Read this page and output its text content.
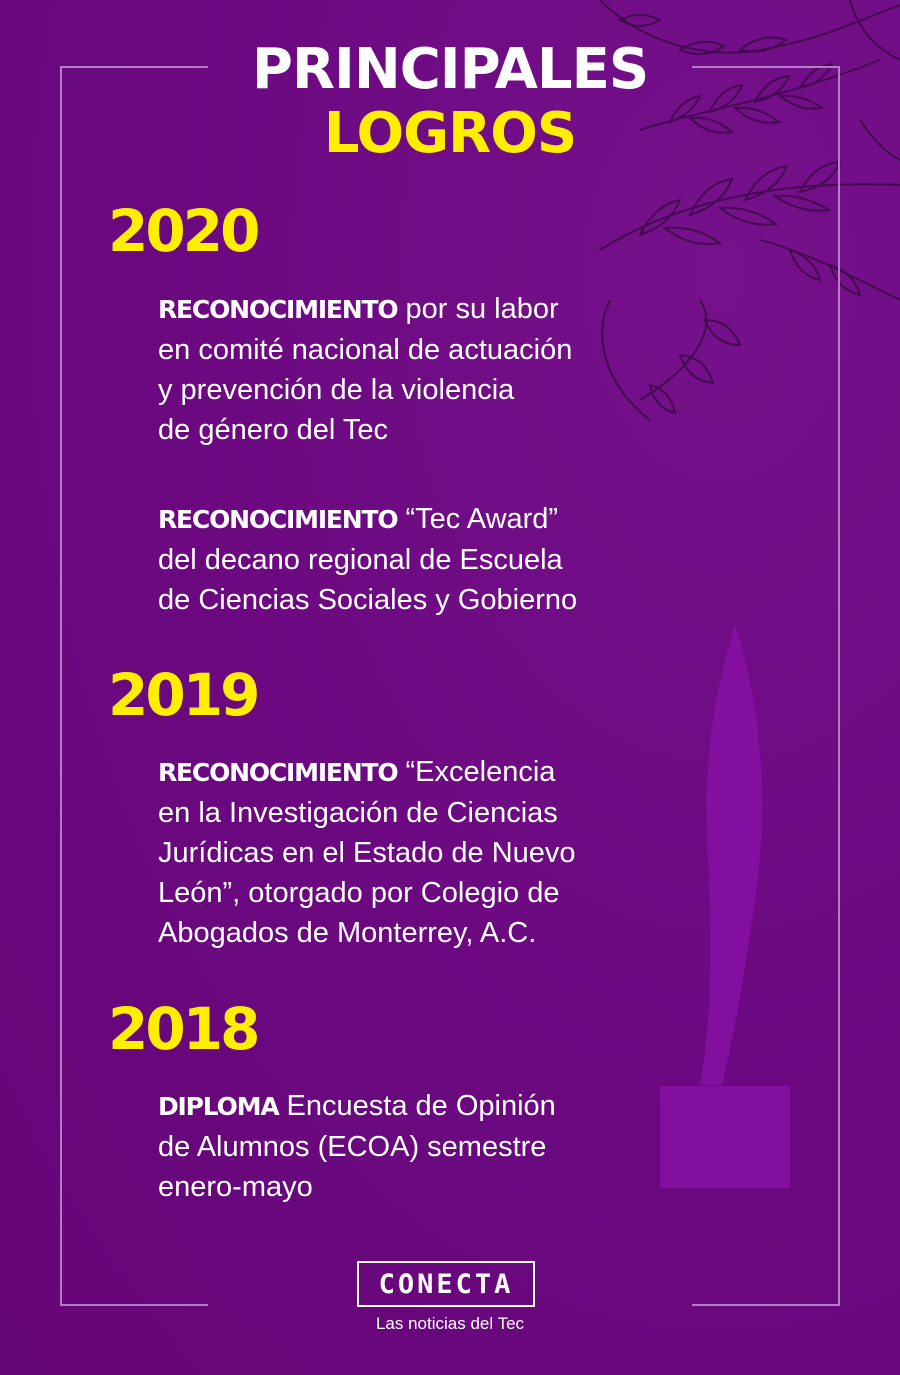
PRINCIPALES
LOGROS
2020
RECONOCIMIENTO por su labor
en comité nacional de actuación
y prevención de la violencia
de género del Tec
RECONOCIMIENTO “Tec Award”
del decano regional de Escuela
de Ciencias Sociales y Gobierno
2019
RECONOCIMIENTO “Excelencia
en la Investigación de Ciencias
Jurídicas en el Estado de Nuevo
León”, otorgado por Colegio de
Abogados de Monterrey, A.C.
2018
DIPLOMA Encuesta de Opinión
de Alumnos (ECOA) semestre
enero-mayo
CONECTA
Las noticias del Tec
